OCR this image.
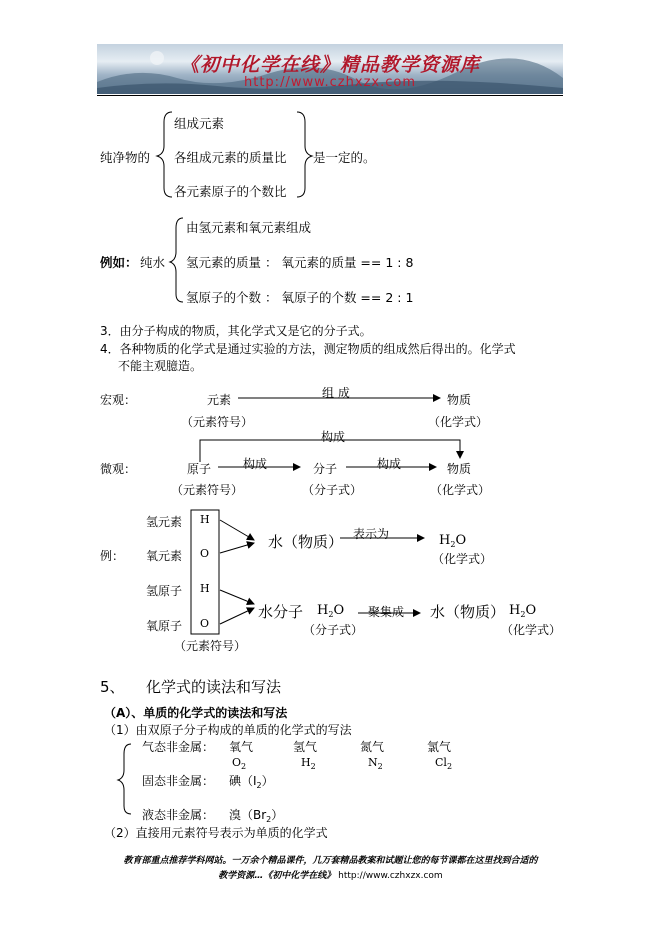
《初中化学在线》精品教学资源库
http://www.czhxzx.com
纯净物的
组成元素
各组成元素的质量比
各元素原子的个数比
是一定的。
例如： 纯水
由氢元素和氧元素组成
氢元素的质量 ： 氧元素的质量 == 1 : 8
氢原子的个数 ： 氧原子的个数 == 2 : 1
3．由分子构成的物质，其化学式又是它的分子式。
4．各种物质的化学式是通过实验的方法，测定物质的组成然后得出的。化学式
不能主观臆造。
宏观：	元素	组 成	物质
（元素符号）	（化学式）
构成
微观：	原子	构成	分子	构成	物质
（元素符号）	（分子式）	（化学式）
例：
氢元素
氧元素
氢原子
氧原子
H
O
H
O
（元素符号）
水（物质） 表示为	$H_2O$
（化学式）
水分子 $H_2O$ 聚集成 水（物质） $H_2O$
（分子式）	（化学式）
5、 化学式的读法和写法
（A）、单质的化学式的读法和写法
（1）由双原子分子构成的单质的化学式的写法
气态非金属： 氧气	氢气	氮气	氯气
$O_2$	$H_2$	$N_2$	$Cl_2$
固态非金属： 碘$(I_2)$
液态非金属： 溴$(Br_2)$
（2）直接用元素符号表示为单质的化学式
教育部重点推荐学科网站。一万余个精品课件，几万套精品教案和试题让您的每节课都在这里找到合适的
教学资源…《初中化学在线》 http://www.czhxzx.com
